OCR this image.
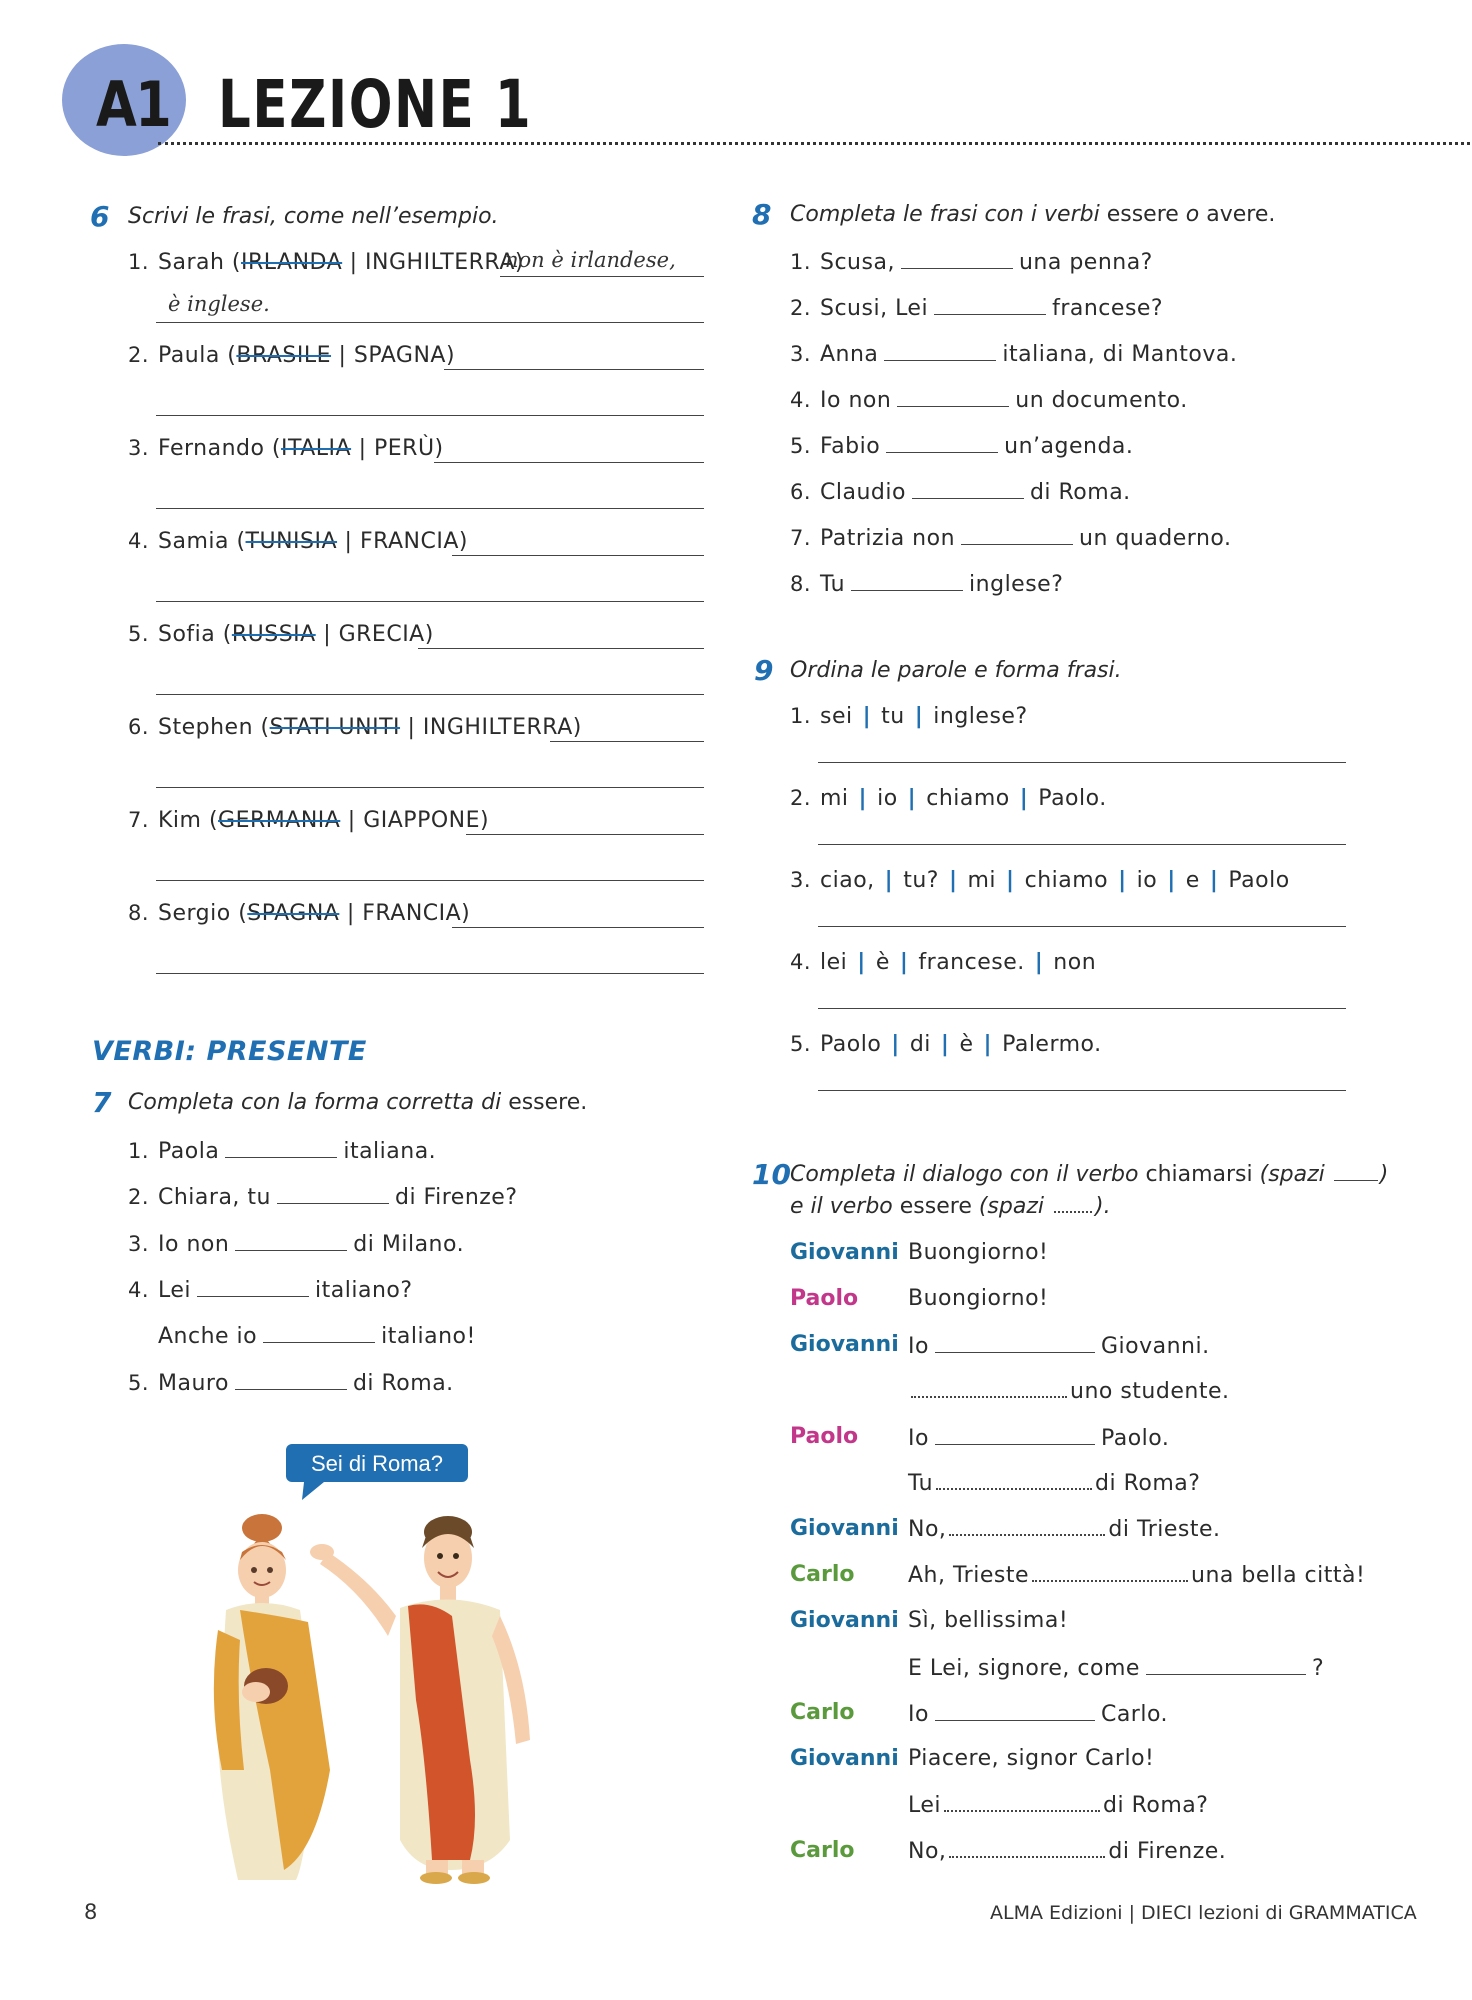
A1 LEZIONE 1
6 Scrivi le frasi, come nell’esempio.
1. Sarah (IRLANDA | INGHILTERRA)
non è irlandese,
è inglese.
2. Paula (BRASILE | SPAGNA)
3. Fernando (ITALIA | PERÙ)
4. Samia (TUNISIA | FRANCIA)
5. Sofia (RUSSIA | GRECIA)
6. Stephen (STATI UNITI | INGHILTERRA)
7. Kim (GERMANIA | GIAPPONE)
8. Sergio (SPAGNA | FRANCIA)
VERBI: PRESENTE
7 Completa con la forma corretta di essere.
1. Paola	italiana.
2. Chiara, tu	di Firenze?
3. Io non	di Milano.
4. Lei	italiano?
Anche io	italiano!
5. Mauro	di Roma.
Sei di Roma?
8 Completa le frasi con i verbi essere o avere.
1. Scusa,	una penna?
2. Scusi, Lei	francese?
3. Anna	italiana, di Mantova.
4. Io non	un documento.
5. Fabio	un’agenda.
6. Claudio	di Roma.
7. Patrizia non	un quaderno.
8. Tu	inglese?
9 Ordina le parole e forma frasi.
1. sei | tu | inglese?
2. mi | io | chiamo | Paolo.
3. ciao, | tu? | mi | chiamo | io | e | Paolo
4. lei | è | francese. | non
5. Paolo | di | è | Palermo.
10 Completa il dialogo con il verbo chiamarsi (spazi )
e il verbo essere (spazi ).
Giovanni Buongiorno!
Paolo Buongiorno!
Giovanni Io	Giovanni.
uno studente.
Paolo Io	Paolo.
Tu	di Roma?
Giovanni No,	di Trieste.
Carlo Ah, Trieste	una bella città!
Giovanni Sì, bellissima!
E Lei, signore, come	?
Carlo Io	Carlo.
Giovanni Piacere, signor Carlo!
Lei	di Roma?
Carlo No,	di Firenze.
8	ALMA Edizioni | DIECI lezioni di GRAMMATICA
